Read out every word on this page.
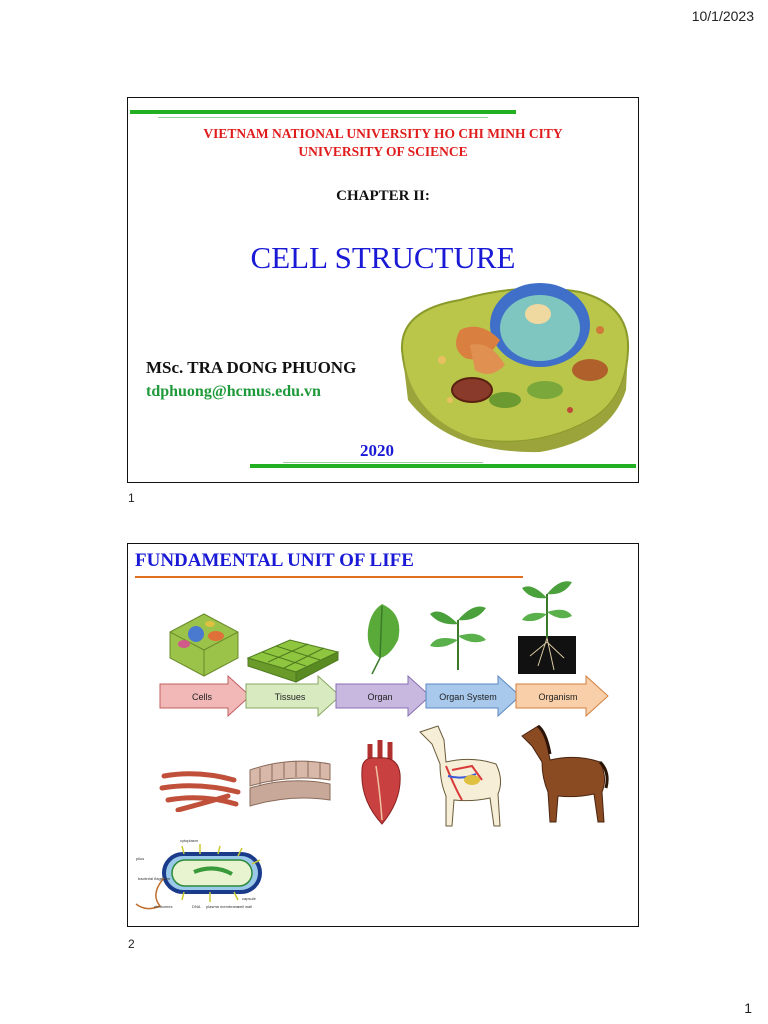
10/1/2023
VIETNAM NATIONAL UNIVERSITY HO CHI MINH CITY
UNIVERSITY OF SCIENCE
CHAPTER II:
CELL STRUCTURE
MSc. TRA DONG PHUONG
tdphuong@hcmus.edu.vn
2020
1
FUNDAMENTAL UNIT OF LIFE
Cells	Tissues	Organ	Organ System	Organism
cytoplasm
pilus
bacterial flagellum
ribosomes	DNA plasma membrane
capsule
cell wall
2
1
